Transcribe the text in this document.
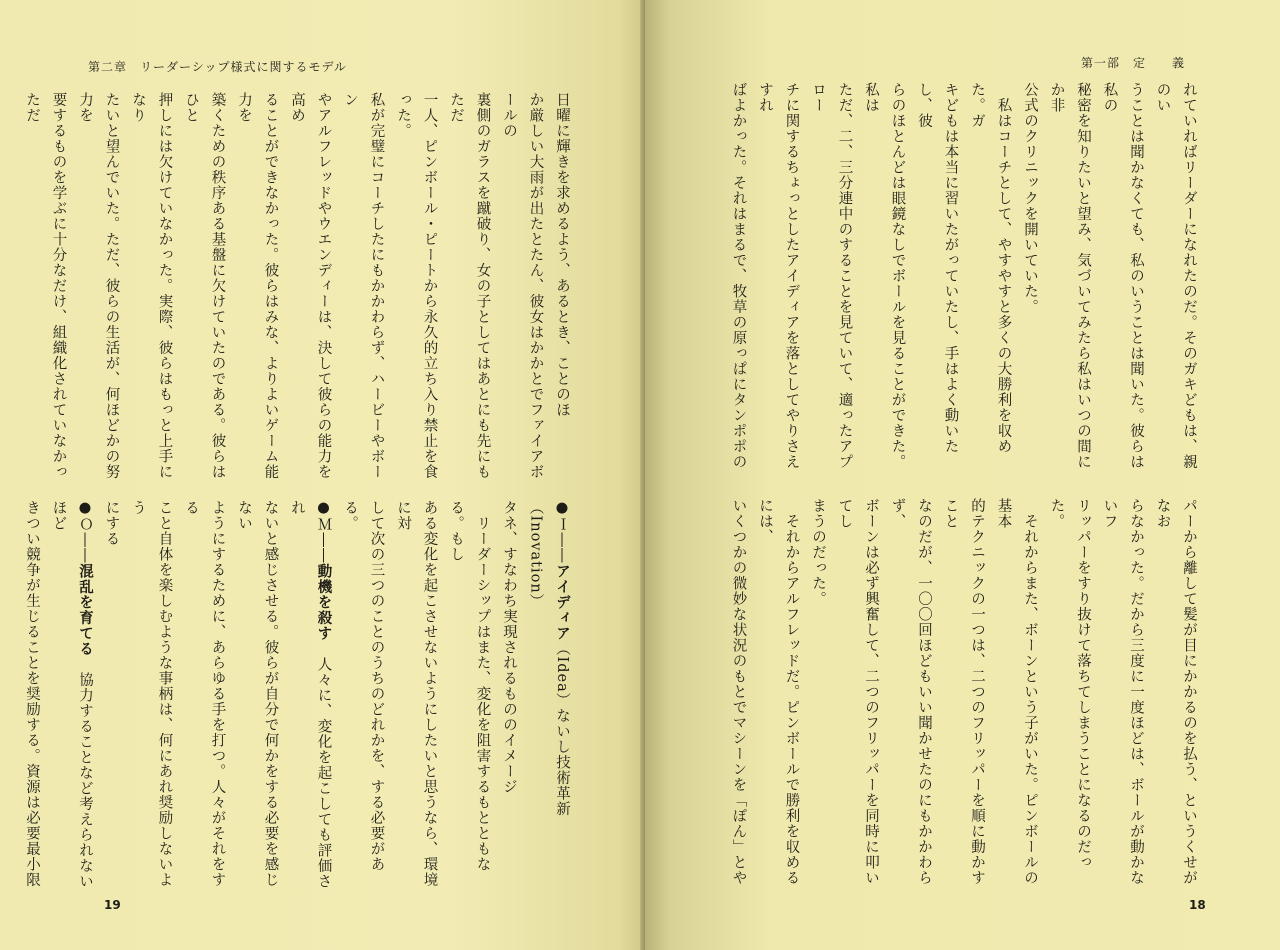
第二章　リーダーシップ様式に関するモデル

日曜に輝きを求めるよう、あるとき、ことのほ

か厳しい大雨が出たとたん、彼女はかかとでファイアボールの

裏側のガラスを蹴破り、女の子としてはあとにも先にもただ

一人、ピンボール・ピートから永久的立ち入り禁止を食った。

私が完璧にコーチしたにもかかわらず、ハービーやボーン

やアルフレッドやウエンディーは、決して彼らの能力を高め

ることができなかった。彼らはみな、よりよいゲーム能力を

築くための秩序ある基盤に欠けていたのである。彼らはひと

押しには欠けていなかった。実際、彼らはもっと上手になり

たいと望んでいた。ただ、彼らの生活が、何ほどかの努力を

要するものを学ぶに十分なだけ、組織化されていなかっただ

●Ｉ――アイディア（Idea）ないし技術革新（Inovation）

タネ、すなわち実現されるもののイメージ

　リーダーシップはまた、変化を阻害するもとともなる。もし

ある変化を起こさせないようにしたいと思うなら、環境に対

して次の三つのことのうちのどれかを、する必要がある。

●Ｍ――動機を殺す　人々に、変化を起こしても評価され

ないと感じさせる。彼らが自分で何かをする必要を感じない

ようにするために、あらゆる手を打つ。人々がそれをする

こと自体を楽しむような事柄は、何にあれ奨励しないよう

にする

●Ｏ――混乱を育てる　協力することなど考えられないほど

きつい競争が生じることを奨励する。資源は必要最小限

19
第一部　定　　義

れていればリーダーになれたのだ。そのガキどもは、親のい

うことは聞かなくても、私のいうことは聞いた。彼らは私の

秘密を知りたいと望み、気づいてみたら私はいつの間にか非

公式のクリニックを開いていた。

　私はコーチとして、やすやすと多くの大勝利を収めた。ガ

キどもは本当に習いたがっていたし、手はよく動いたし、彼

らのほとんどは眼鏡なしでボールを見ることができた。私は

ただ、二、三分連中のすることを見ていて、適ったアプロー

チに関するちょっとしたアイディアを落としてやりさえすれ

ばよかった。それはまるで、牧草の原っぱにタンポポの

パーから離して髪が目にかかるのを払う、というくせがなお

らなかった。だから三度に一度ほどは、ボールが動かないフ

リッパーをすり抜けて落ちてしまうことになるのだった。

　それからまた、ボーンという子がいた。ピンボールの基本

的テクニックの一つは、二つのフリッパーを順に動かすこと

なのだが、一〇〇回ほどもいい聞かせたのにもかかわらず、

ボーンは必ず興奮して、二つのフリッパーを同時に叩いてし

まうのだった。

　それからアルフレッドだ。ピンボールで勝利を収めるには、

いくつかの微妙な状況のもとでマシーンを「ぽん」とや

18
